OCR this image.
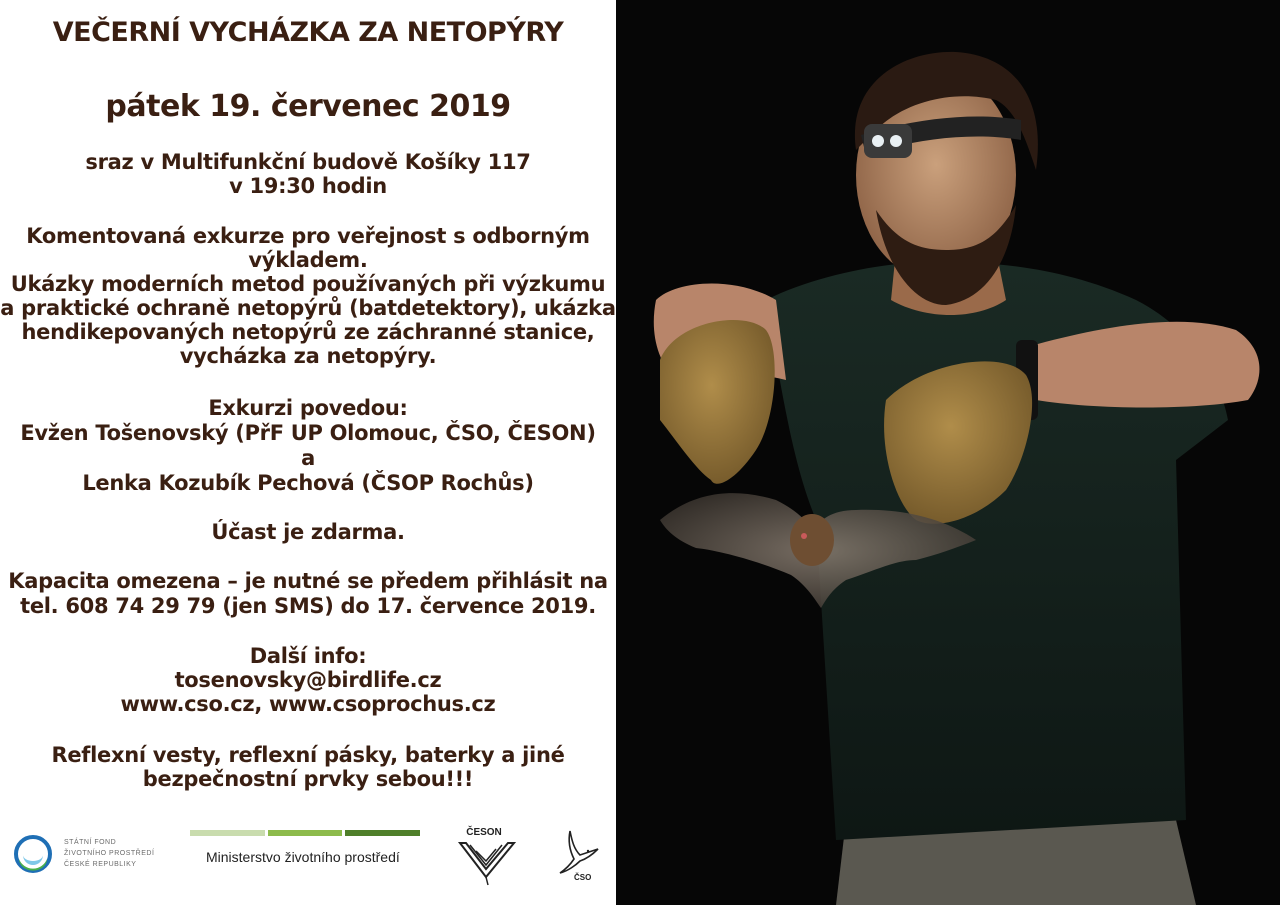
VEČERNÍ VYCHÁZKA ZA NETOPÝRY
pátek 19. červenec 2019
sraz v Multifunkční budově Košíky 117
v 19:30 hodin
Komentovaná exkurze pro veřejnost s odborným
výkladem.
Ukázky moderních metod používaných při výzkumu
a praktické ochraně netopýrů (batdetektory), ukázka
hendikepovaných netopýrů ze záchranné stanice,
vycházka za netopýry.
Exkurzi povedou:
Evžen Tošenovský (PřF UP Olomouc, ČSO, ČESON)
a
Lenka Kozubík Pechová (ČSOP Rochůs)
Účast je zdarma.
Kapacita omezena – je nutné se předem přihlásit na
tel. 608 74 29 79 (jen SMS) do 17. července 2019.
Další info:
tosenovsky@birdlife.cz
www.cso.cz, www.csoprochus.cz
Reflexní vesty, reflexní pásky, baterky a jiné
bezpečnostní prvky sebou!!!
STÁTNÍ FOND
ŽIVOTNÍHO PROSTŘEDÍ
ČESKÉ REPUBLIKY	Ministerstvo životního prostředí
ČESON
ČSO
